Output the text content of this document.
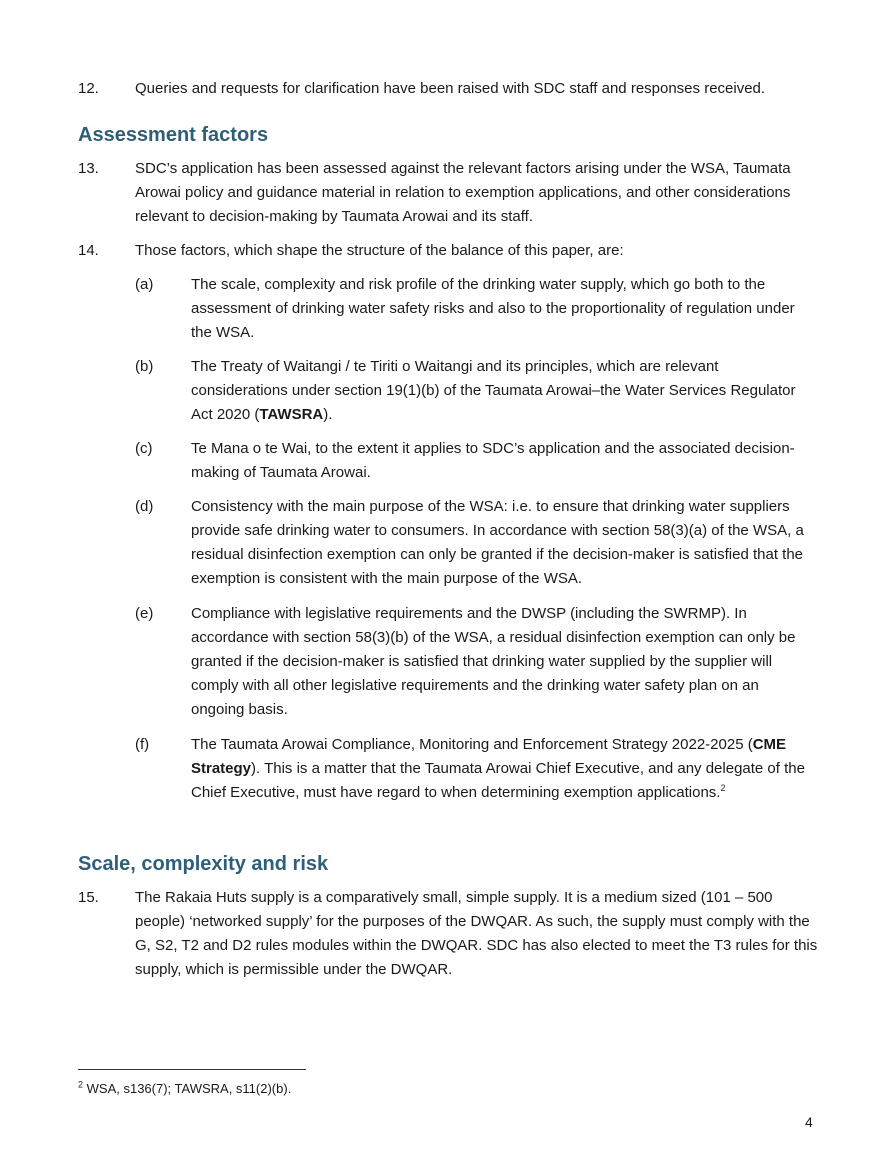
12. Queries and requests for clarification have been raised with SDC staff and responses received.
Assessment factors
13. SDC’s application has been assessed against the relevant factors arising under the WSA, Taumata Arowai policy and guidance material in relation to exemption applications, and other considerations relevant to decision-making by Taumata Arowai and its staff.
14. Those factors, which shape the structure of the balance of this paper, are:
(a)	The scale, complexity and risk profile of the drinking water supply, which go both to the assessment of drinking water safety risks and also to the proportionality of regulation under the WSA.
(b)	The Treaty of Waitangi / te Tiriti o Waitangi and its principles, which are relevant considerations under section 19(1)(b) of the Taumata Arowai–the Water Services Regulator Act 2020 (TAWSRA).
(c)	Te Mana o te Wai, to the extent it applies to SDC’s application and the associated decision-making of Taumata Arowai.
(d)	Consistency with the main purpose of the WSA: i.e. to ensure that drinking water suppliers provide safe drinking water to consumers. In accordance with section 58(3)(a) of the WSA, a residual disinfection exemption can only be granted if the decision-maker is satisfied that the exemption is consistent with the main purpose of the WSA.
(e)	Compliance with legislative requirements and the DWSP (including the SWRMP). In accordance with section 58(3)(b) of the WSA, a residual disinfection exemption can only be granted if the decision-maker is satisfied that drinking water supplied by the supplier will comply with all other legislative requirements and the drinking water safety plan on an ongoing basis.
(f)	The Taumata Arowai Compliance, Monitoring and Enforcement Strategy 2022-2025 (CME Strategy). This is a matter that the Taumata Arowai Chief Executive, and any delegate of the Chief Executive, must have regard to when determining exemption applications.$^2$
Scale, complexity and risk
15. The Rakaia Huts supply is a comparatively small, simple supply. It is a medium sized (101 – 500 people) ‘networked supply’ for the purposes of the DWQAR. As such, the supply must comply with the G, S2, T2 and D2 rules modules within the DWQAR. SDC has also elected to meet the T3 rules for this supply, which is permissible under the DWQAR.
$^2$ WSA, s136(7); TAWSRA, s11(2)(b).
4
